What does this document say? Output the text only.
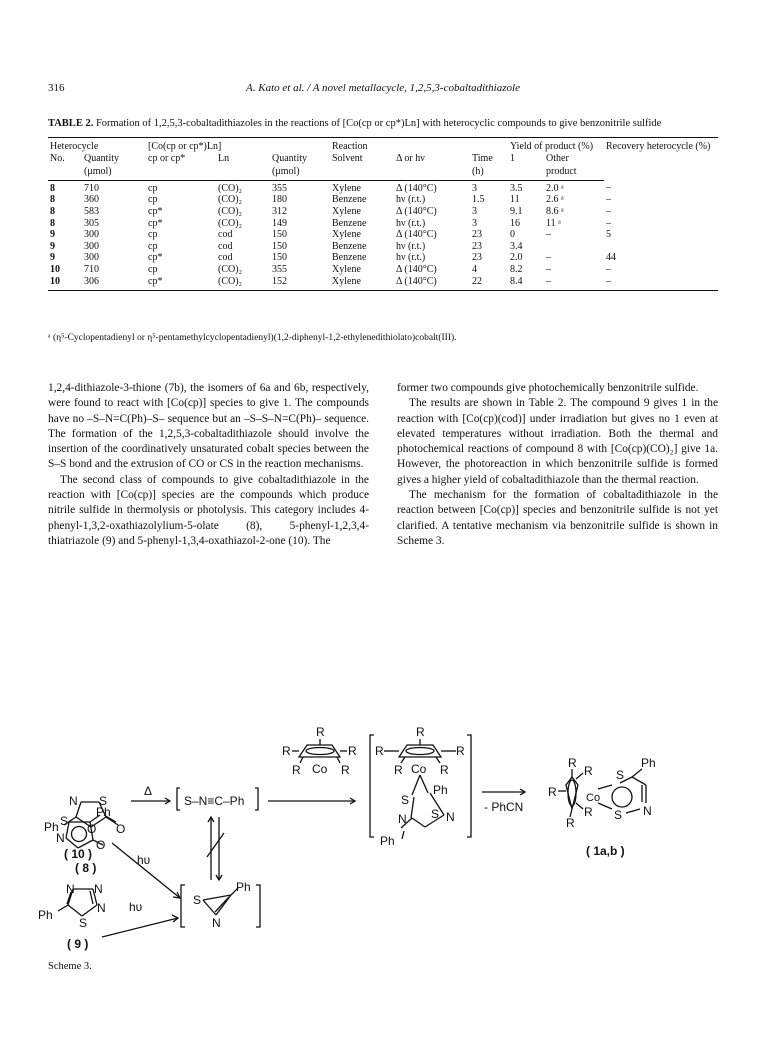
316	A. Kato et al. / A novel metallacycle, 1,2,5,3-cobaltadithiazole
TABLE 2. Formation of 1,2,5,3-cobaltadithiazoles in the reactions of [Co(cp or cp*)Ln] with heterocyclic compounds to give benzonitrile sulfide
Heterocycle		[Co(cp or cp*)Ln]			Reaction			Yield of product (%)		Recovery heterocycle (%)
No.	Quantity	cp or cp*	Ln	Quantity	Solvent	Δ or hν	Time	1	Other	
	(μmol)			(μmol)			(h)		product	
8	710	cp	(CO)₂	355	Xylene	Δ (140°C)	3	3.5	2.0 ᵃ	–
8	360	cp	(CO)₂	180	Benzene	hν (r.t.)	1.5	11	2.6 ᵃ	–
8	583	cp*	(CO)₂	312	Xylene	Δ (140°C)	3	9.1	8.6 ᵃ	–
8	305	cp*	(CO)₂	149	Benzene	hν (r.t.)	3	16	11 ᵃ	–
9	300	cp	cod	150	Xylene	Δ (140°C)	23	0	–	5
9	300	cp	cod	150	Benzene	hν (r.t.)	23	3.4		
9	300	cp*	cod	150	Benzene	hν (r.t.)	23	2.0	–	44
10	710	cp	(CO)₂	355	Xylene	Δ (140°C)	4	8.2	–	–
10	306	cp*	(CO)₂	152	Xylene	Δ (140°C)	22	8.4	–	–
ᵃ (η⁵-Cyclopentadienyl or η⁵-pentamethylcyclopentadienyl)(1,2-diphenyl-1,2-ethylenedithiolato)cobalt(III).

1,2,4-dithiazole-3-thione (7b), the isomers of 6a and 6b, respectively, were found to react with [Co(cp)] species to give 1. The compounds have no –S–N=C(Ph)–S– sequence but an –S–S–N=C(Ph)– sequence. The formation of the 1,2,5,3-cobaltadithiazole should involve the insertion of the coordinatively unsaturated cobalt species between the S–S bond and the extrusion of CO or CS in the reaction mechanisms.

The second class of compounds to give cobaltadithiazole in the reaction with [Co(cp)] species are the compounds which produce nitrile sulfide in thermolysis or photolysis. This category includes 4-phenyl-1,3,2-oxathiazolylium-5-olate (8), 5-phenyl-1,2,3,4-thiatriazole (9) and 5-phenyl-1,3,4-oxathiazol-2-one (10). The

former two compounds give photochemically benzonitrile sulfide.

The results are shown in Table 2. The compound 9 gives 1 in the reaction with [Co(cp)(cod)] under irradiation but gives no 1 even at elevated temperatures without irradiation. Both the thermal and photochemical reactions of compound 8 with [Co(cp)(CO)₂] give 1a. However, the photoreaction in which benzonitrile sulfide is formed gives a higher yield of cobaltadithiazole than the thermal reaction.

The mechanism for the formation of cobaltadithiazole in the reaction between [Co(cp)] species and benzonitrile sulfide is not yet clarified. A tentative mechanism via benzonitrile sulfide is shown in Scheme 3.

N S
O O
Ph
( 10 )
Δ
S–N≡C–Ph
S
N
Ph
hυ
hυ
S
Ph
N	O
( 8 )
N N
N
S
Ph
( 9 )
R
R	R
R Co R
R
R	R
R Co R
Ph
S
S N
N
Ph
- PhCN
R
R
R
R
R
Co
S
Ph
S N
( 1a,b )
Scheme 3.
